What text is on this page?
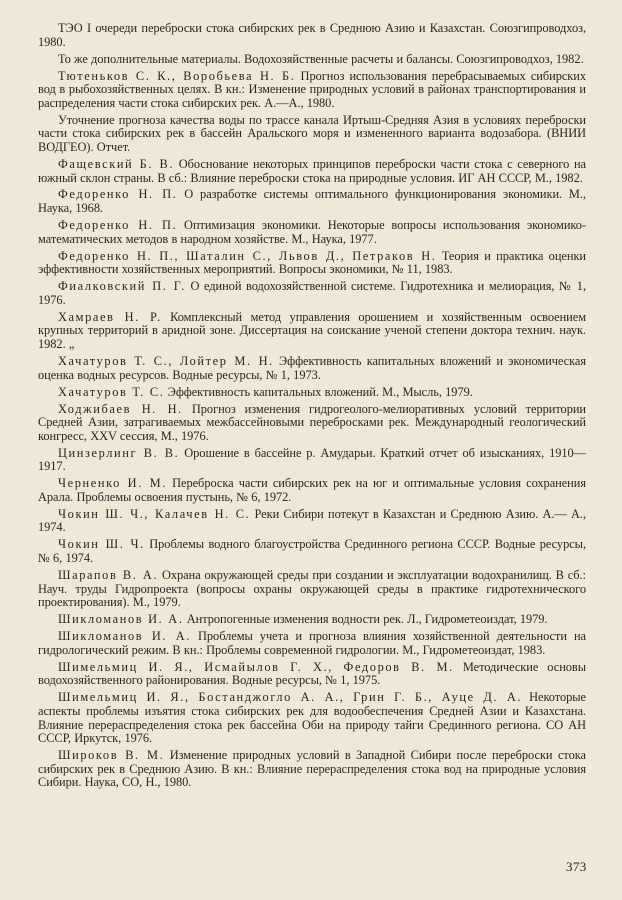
ТЭО I очереди переброски стока сибирских рек в Среднюю Азию и Казахстан. Союзгипроводхоз, 1980.

То же дополнительные материалы. Водохозяйственные расчеты и балансы. Союзгипроводхоз, 1982.

Тютеньков С. К., Воробьева Н. Б. Прогноз использования перебрасываемых сибирских вод в рыбохозяйственных целях. В кн.: Изменение природных условий в районах транспортирования и распределения части стока сибирских рек. А.—А., 1980.

Уточнение прогноза качества воды по трассе канала Иртыш-Средняя Азия в условиях переброски части стока сибирских рек в бассейн Аральского моря и измененного варианта водозабора. (ВНИИ ВОДГЕО). Отчет.

Фащевский Б. В. Обоснование некоторых принципов переброски части стока с северного на южный склон страны. В сб.: Влияние переброски стока на природные условия. ИГ АН СССР, М., 1982.

Федоренко Н. П. О разработке системы оптимального функционирования экономики. М., Наука, 1968.

Федоренко Н. П. Оптимизация экономики. Некоторые вопросы использования экономико-математических методов в народном хозяйстве. М., Наука, 1977.

Федоренко Н. П., Шаталин С., Львов Д., Петраков Н. Теория и практика оценки эффективности хозяйственных мероприятий. Вопросы экономики, № 11, 1983.

Фиалковский П. Г. О единой водохозяйственной системе. Гидротехника и мелиорация, № 1, 1976.

Хамраев Н. Р. Комплексный метод управления орошением и хозяйственным освоением крупных территорий в аридной зоне. Диссертация на соискание ученой степени доктора технич. наук. 1982. „

Хачатуров Т. С., Лойтер М. Н. Эффективность капитальных вложений и экономическая оценка водных ресурсов. Водные ресурсы, № 1, 1973.

Хачатуров Т. С. Эффективность капитальных вложений. М., Мысль, 1979.

Ходжибаев Н. Н. Прогноз изменения гидрогеолого-мелиоративных условий территории Средней Азии, затрагиваемых межбассейновыми перебросками рек. Международный геологический конгресс, XXV сессия, М., 1976.

Цинзерлинг В. В. Орошение в бассейне р. Амударьи. Краткий отчет об изысканиях, 1910—1917.

Черненко И. М. Переброска части сибирских рек на юг и оптимальные условия сохранения Арала. Проблемы освоения пустынь, № 6, 1972.

Чокин Ш. Ч., Калачев Н. С. Реки Сибири потекут в Казахстан и Среднюю Азию. А.— А., 1974.

Чокин Ш. Ч. Проблемы водного благоустройства Срединного региона СССР. Водные ресурсы, № 6, 1974.

Шарапов В. А. Охрана окружающей среды при создании и эксплуатации водохранилищ. В сб.: Науч. труды Гидропроекта (вопросы охраны окружающей среды в практике гидротехнического проектирования). М., 1979.

Шикломанов И. А. Антропогенные изменения водности рек. Л., Гидрометеоиздат, 1979.

Шикломанов И. А. Проблемы учета и прогноза влияния хозяйственной деятельности на гидрологический режим. В кн.: Проблемы современной гидрологии. М., Гидрометеоиздат, 1983.

Шимельмиц И. Я., Исмайылов Г. Х., Федоров В. М. Методические основы водохозяйственного районирования. Водные ресурсы, № 1, 1975.

Шимельмиц И. Я., Бостанджогло А. А., Грин Г. Б., Ауце Д. А. Некоторые аспекты проблемы изъятия стока сибирских рек для водообеспечения Средней Азии и Казахстана. Влияние перераспределения стока рек бассейна Оби на природу тайги Срединного региона. СО АН СССР, Иркутск, 1976.

Широков В. М. Изменение природных условий в Западной Сибири после переброски стока сибирских рек в Среднюю Азию. В кн.: Влияние перераспределения стока вод на природные условия Сибири. Наука, СО, Н., 1980.

373
